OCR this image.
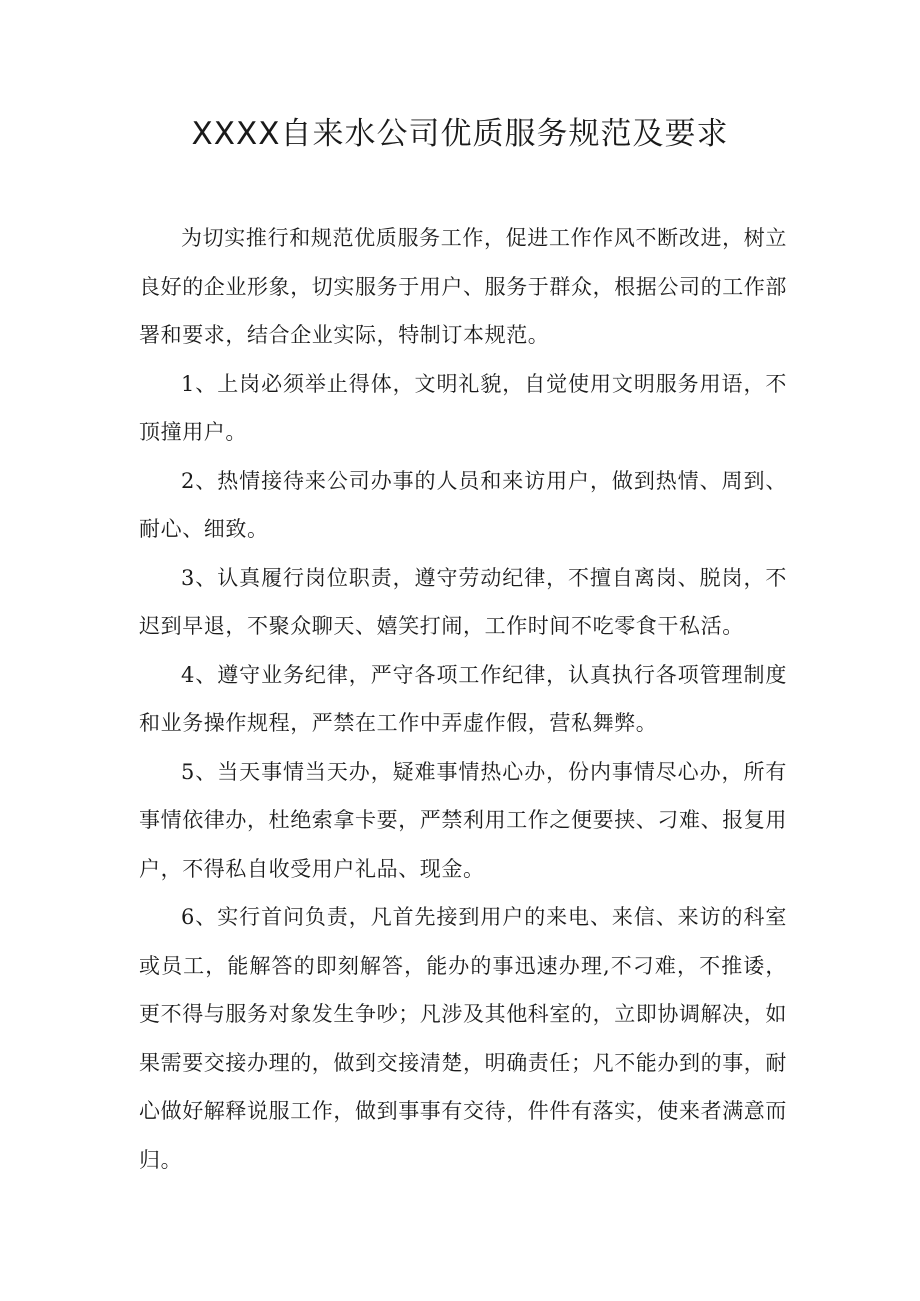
XXXX自来水公司优质服务规范及要求

为切实推行和规范优质服务工作，促进工作作风不断改进，树立良好的企业形象，切实服务于用户、服务于群众，根据公司的工作部署和要求，结合企业实际，特制订本规范。

1、上岗必须举止得体，文明礼貌，自觉使用文明服务用语，不顶撞用户。

2、热情接待来公司办事的人员和来访用户，做到热情、周到、耐心、细致。

3、认真履行岗位职责，遵守劳动纪律，不擅自离岗、脱岗，不迟到早退，不聚众聊天、嬉笑打闹，工作时间不吃零食干私活。

4、遵守业务纪律，严守各项工作纪律，认真执行各项管理制度和业务操作规程，严禁在工作中弄虚作假，营私舞弊。

5、当天事情当天办，疑难事情热心办，份内事情尽心办，所有事情依律办，杜绝索拿卡要，严禁利用工作之便要挟、刁难、报复用户，不得私自收受用户礼品、现金。

6、实行首问负责，凡首先接到用户的来电、来信、来访的科室或员工，能解答的即刻解答，能办的事迅速办理,不刁难，不推诿，更不得与服务对象发生争吵；凡涉及其他科室的，立即协调解决，如果需要交接办理的，做到交接清楚，明确责任；凡不能办到的事，耐心做好解释说服工作，做到事事有交待，件件有落实，使来者满意而归。
